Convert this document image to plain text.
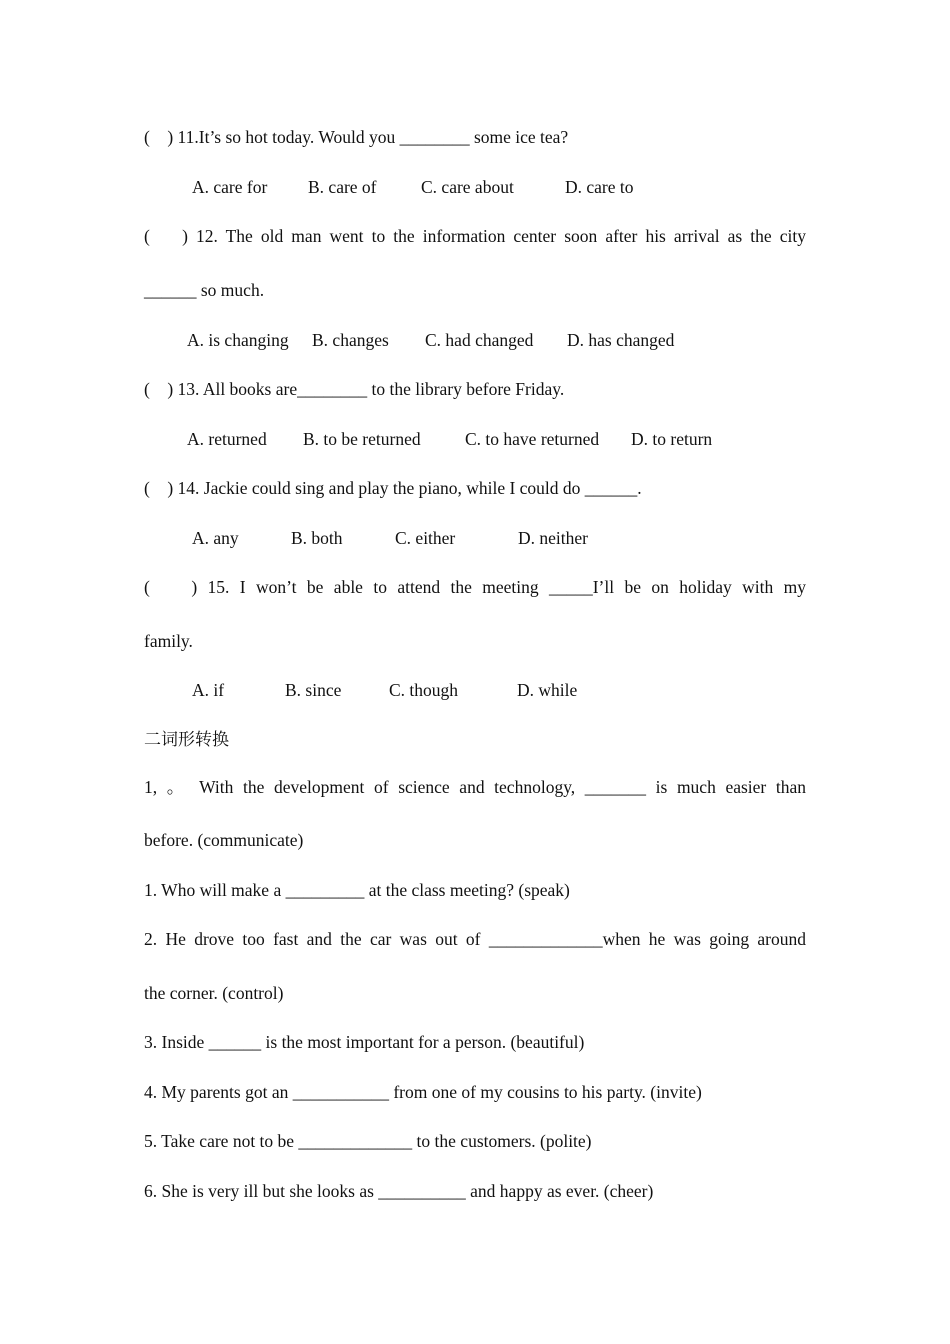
(    ) 11.It’s so hot today. Would you ________ some ice tea?
A. care for B. care of	C. care about	D. care to
(    ) 12. The old man went to the information center soon after his arrival as the city
______ so much.
A. is changing B. changes C. had changed D. has changed
(    ) 13. All books are________ to the library before Friday.
A. returned B. to be returned	C. to have returned D. to return
(    ) 14. Jackie could sing and play the piano, while I could do ______.
A. any	B. both	C. either	D. neither
(    ) 15. I won’t be able to attend the meeting _____I’ll be on holiday with my
family.
A. if	B. since	C. though	D. while
二词形转换
1, 。 With the development of science and technology, _______ is much easier than
before. (communicate)
1. Who will make a _________ at the class meeting? (speak)
2. He drove too fast and the car was out of _____________when he was going around
the corner. (control)
3. Inside ______ is the most important for a person. (beautiful)
4. My parents got an ___________ from one of my cousins to his party. (invite)
5. Take care not to be _____________ to the customers. (polite)
6. She is very ill but she looks as __________ and happy as ever. (cheer)
